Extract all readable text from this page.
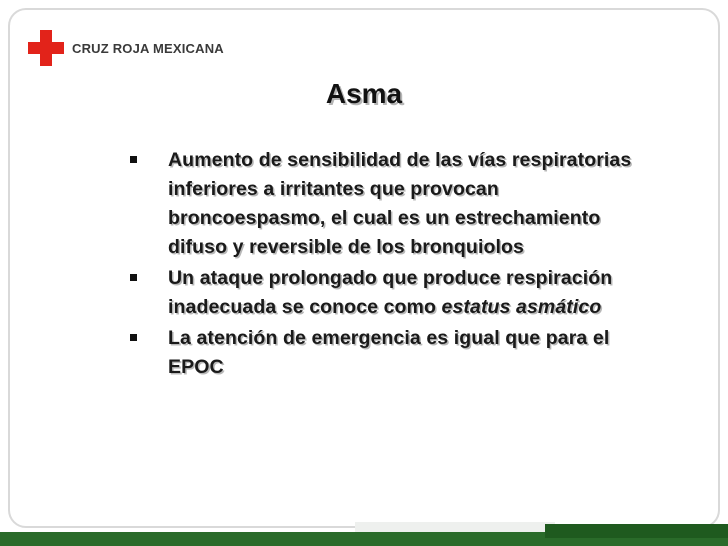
CRUZ ROJA MEXICANA
Asma
Aumento de sensibilidad de las vías respiratorias inferiores a irritantes que provocan broncoespasmo, el cual es un estrechamiento difuso y reversible de los bronquiolos
Un ataque prolongado que produce respiración inadecuada se conoce como estatus asmático
La atención de emergencia es igual que para el EPOC
